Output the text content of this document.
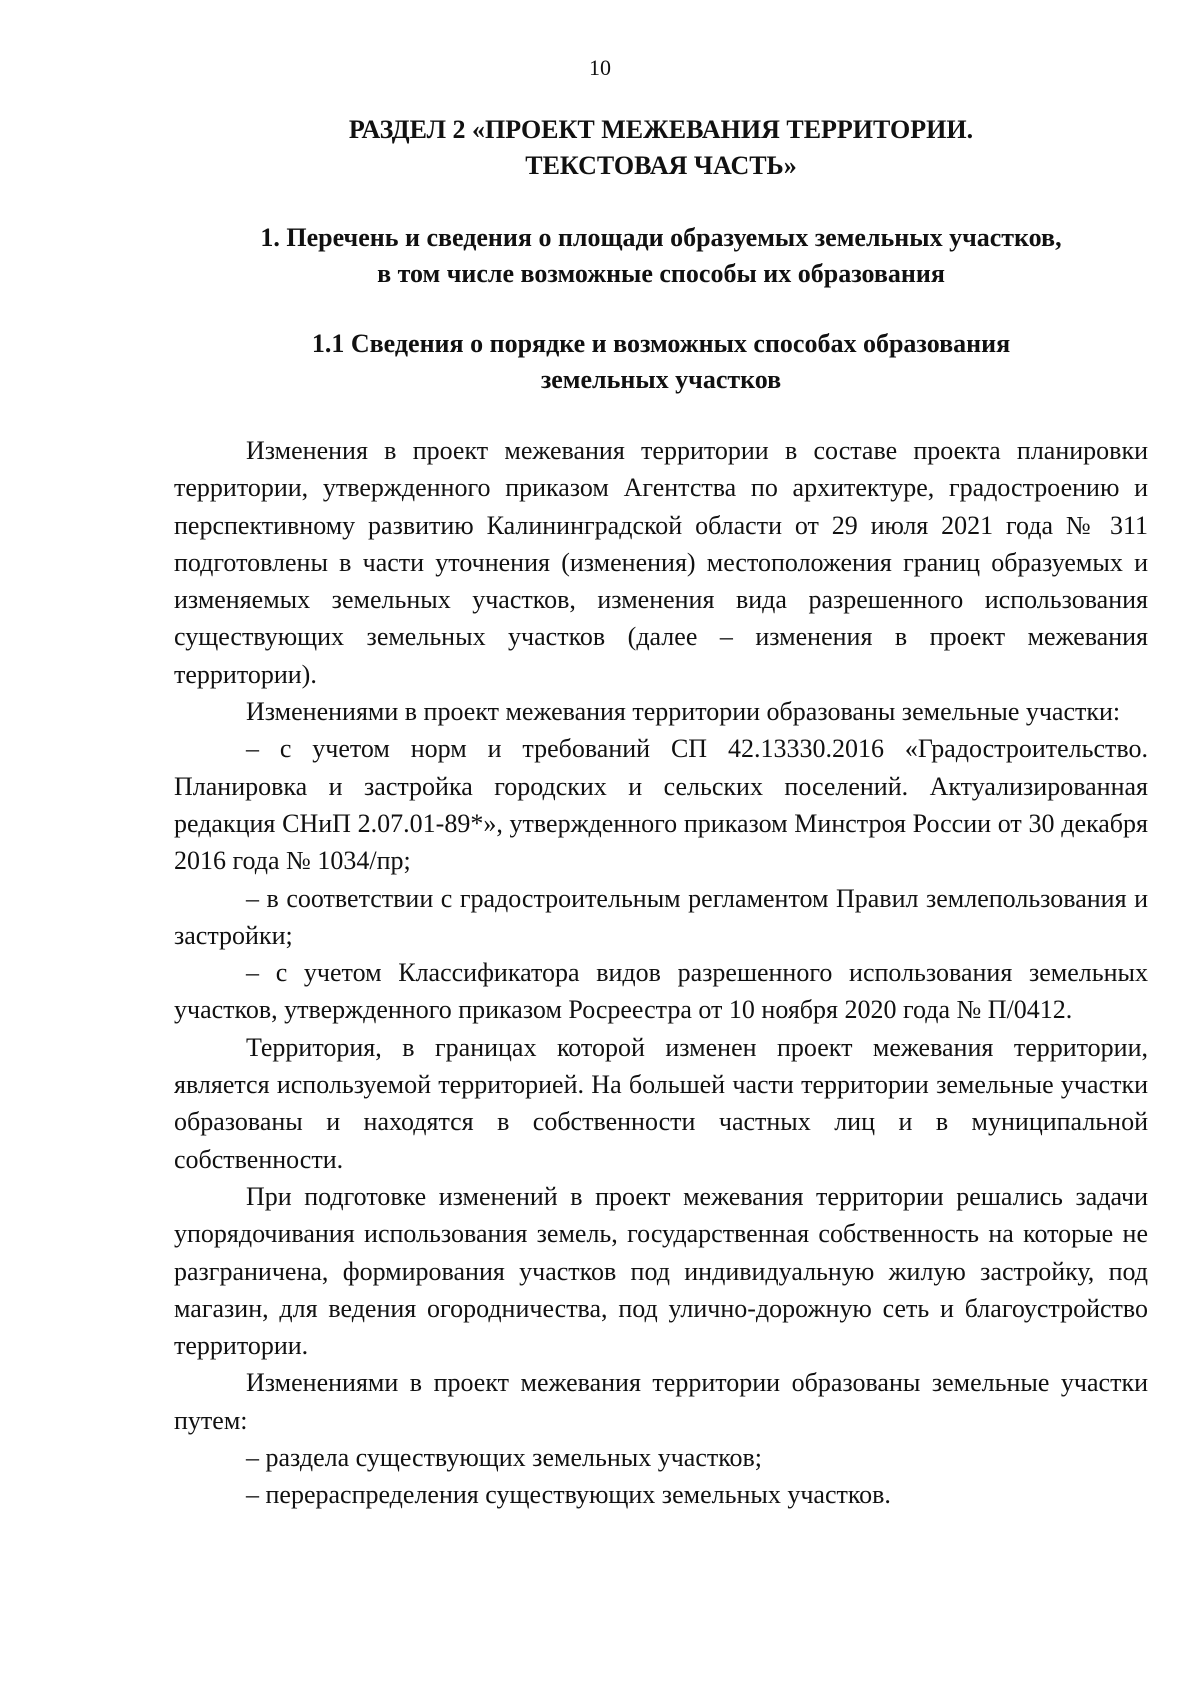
10
РАЗДЕЛ 2 «ПРОЕКТ МЕЖЕВАНИЯ ТЕРРИТОРИИ.
ТЕКСТОВАЯ ЧАСТЬ»
1. Перечень и сведения о площади образуемых земельных участков,
в том числе возможные способы их образования
1.1 Сведения о порядке и возможных способах образования
земельных участков

Изменения в проект межевания территории в составе проекта планировки территории, утвержденного приказом Агентства по архитектуре, градостроению и перспективному развитию Калининградской области от 29 июля 2021 года № 311 подготовлены в части уточнения (изменения) местоположения границ образуемых и изменяемых земельных участков, изменения вида разрешенного использования существующих земельных участков (далее – изменения в проект межевания территории).

Изменениями в проект межевания территории образованы земельные участки:

– с учетом норм и требований СП 42.13330.2016 «Градостроительство. Планировка и застройка городских и сельских поселений. Актуализированная редакция СНиП 2.07.01-89*», утвержденного приказом Минстроя России от 30 декабря 2016 года № 1034/пр;

– в соответствии с градостроительным регламентом Правил землепользования и застройки;

– с учетом Классификатора видов разрешенного использования земельных участков, утвержденного приказом Росреестра от 10 ноября 2020 года № П/0412.

Территория, в границах которой изменен проект межевания территории, является используемой территорией. На большей части территории земельные участки образованы и находятся в собственности частных лиц и в муниципальной собственности.

При подготовке изменений в проект межевания территории решались задачи упорядочивания использования земель, государственная собственность на которые не разграничена, формирования участков под индивидуальную жилую застройку, под магазин, для ведения огородничества, под улично-дорожную сеть и благоустройство территории.

Изменениями в проект межевания территории образованы земельные участки путем:

– раздела существующих земельных участков;

– перераспределения существующих земельных участков.
